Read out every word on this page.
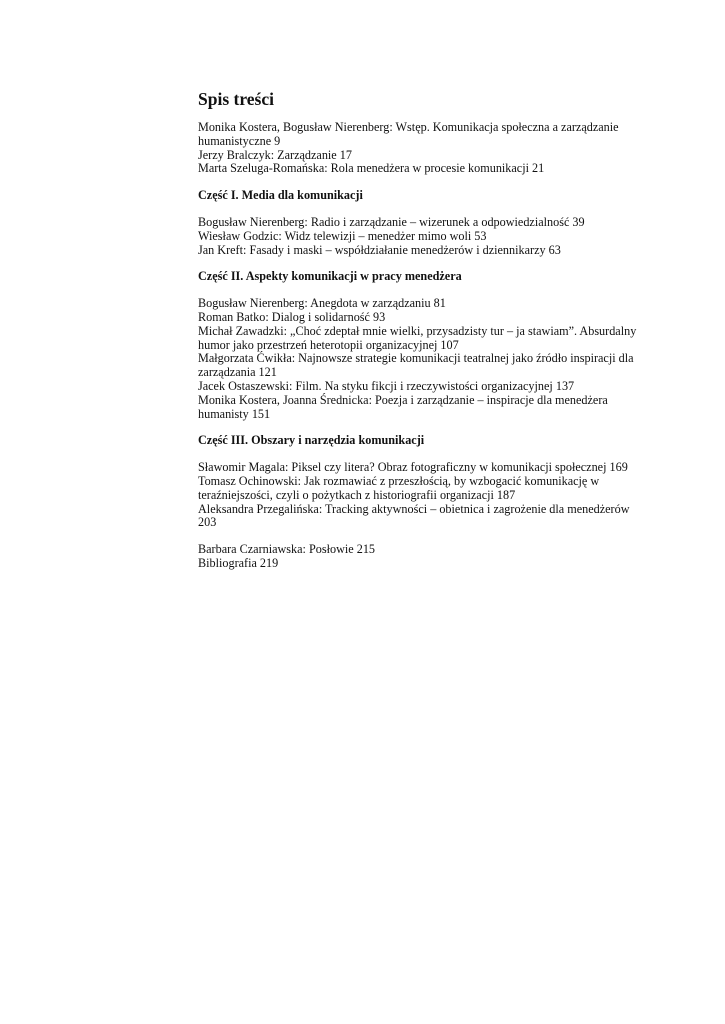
Spis treści

Monika Kostera, Bogusław Nierenberg: Wstęp. Komunikacja społeczna a zarządzanie humanistyczne 9

Jerzy Bralczyk: Zarządzanie 17

Marta Szeluga-Romańska: Rola menedżera w procesie komunikacji 21

Część I. Media dla komunikacji

Bogusław Nierenberg: Radio i zarządzanie – wizerunek a odpowiedzialność 39

Wiesław Godzic: Widz telewizji – menedżer mimo woli 53

Jan Kreft: Fasady i maski – współdziałanie menedżerów i dziennikarzy 63

Część II. Aspekty komunikacji w pracy menedżera

Bogusław Nierenberg: Anegdota w zarządzaniu 81

Roman Batko: Dialog i solidarność 93

Michał Zawadzki: „Choć zdeptał mnie wielki, przysadzisty tur – ja stawiam”. Absurdalny humor jako przestrzeń heterotopii organizacyjnej 107

Małgorzata Ćwikła: Najnowsze strategie komunikacji teatralnej jako źródło inspiracji dla zarządzania 121

Jacek Ostaszewski: Film. Na styku fikcji i rzeczywistości organizacyjnej 137

Monika Kostera, Joanna Średnicka: Poezja i zarządzanie – inspiracje dla menedżera humanisty 151

Część III. Obszary i narzędzia komunikacji

Sławomir Magala: Piksel czy litera? Obraz fotograficzny w komunikacji społecznej 169

Tomasz Ochinowski: Jak rozmawiać z przeszłością, by wzbogacić komunikację w teraźniejszości, czyli o pożytkach z historiografii organizacji 187

Aleksandra Przegalińska: Tracking aktywności – obietnica i zagrożenie dla menedżerów 203

Barbara Czarniawska: Posłowie 215

Bibliografia 219
